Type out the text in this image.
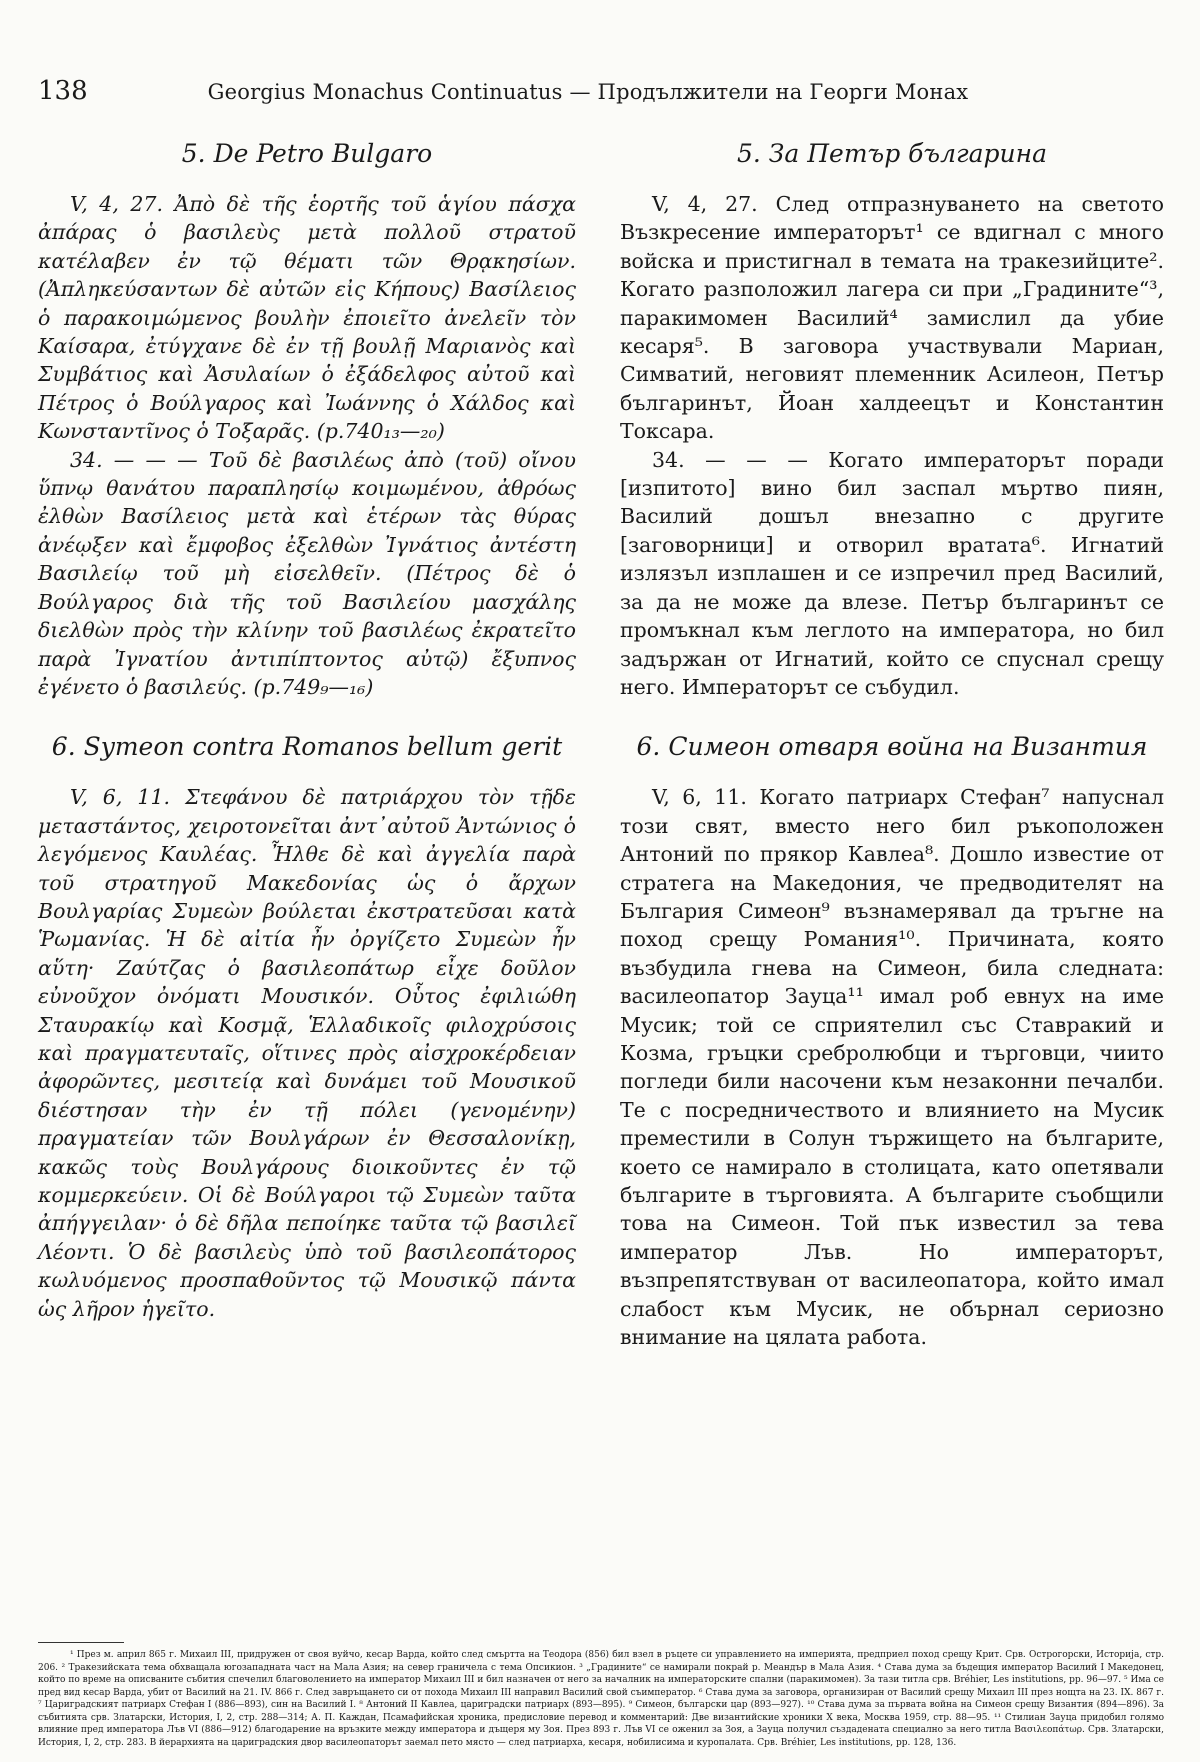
138	Georgius Monachus Continuatus — Продължители на Георги Монах
5. De Petro Bulgaro

V, 4, 27. Ἀπὸ δὲ τῆς ἑορτῆς τοῦ ἁγίου πάσχα ἀπάρας ὁ βασιλεὺς μετὰ πολλοῦ στρατοῦ κατέλαβεν ἐν τῷ θέματι τῶν Θρᾳκησίων. (Ἀπληκεύσαντων δὲ αὐτῶν εἰς Κήπους) Βασίλειος ὁ παρακοιμώμενος βουλὴν ἐποιεῖτο ἀνελεῖν τὸν Καίσαρα, ἐτύγχανε δὲ ἐν τῇ βουλῇ Μαριανὸς καὶ Συμβάτιος καὶ Ἀσυλαίων ὁ ἐξάδελφος αὐτοῦ καὶ Πέτρος ὁ Βούλγαρος καὶ Ἰωάννης ὁ Χάλδος καὶ Κωνσταντῖνος ὁ Τοξαρᾶς. (p.740₁₃—₂₀)

34. — — — Τοῦ δὲ βασιλέως ἀπὸ (τοῦ) οἴνου ὕπνῳ θανάτου παραπλησίῳ κοιμωμένου, ἀθρόως ἐλθὼν Βασίλειος μετὰ καὶ ἑτέρων τὰς θύρας ἀνέῳξεν καὶ ἔμφοβος ἐξελθὼν Ἰγνάτιος ἀντέστη Βασιλείῳ τοῦ μὴ εἰσελθεῖν. (Πέτρος δὲ ὁ Βούλγαρος διὰ τῆς τοῦ Βασιλείου μασχάλης διελθὼν πρὸς τὴν κλίνην τοῦ βασιλέως ἐκρατεῖτο παρὰ Ἰγνατίου ἀντιπίπτοντος αὐτῷ) ἔξυπνος ἐγένετο ὁ βασιλεύς. (p.749₉—₁₆)

6. Symeon contra Romanos bellum gerit

V, 6, 11. Στεφάνου δὲ πατριάρχου τὸν τῇδε μεταστάντος, χειροτονεῖται ἀντ᾽αὐτοῦ Ἀντώνιος ὁ λεγόμενος Καυλέας. Ἦλθε δὲ καὶ ἀγγελία παρὰ τοῦ στρατηγοῦ Μακεδονίας ὡς ὁ ἄρχων Βουλγαρίας Συμεὼν βούλεται ἐκστρατεῦσαι κατὰ Ῥωμανίας. Ἡ δὲ αἰτία ἦν ὀργίζετο Συμεὼν ἦν αὕτη· Ζαύτζας ὁ βασιλεοπάτωρ εἶχε δοῦλον εὐνοῦχον ὀνόματι Μουσικόν. Οὗτος ἐφιλιώθη Σταυρακίῳ καὶ Κοσμᾷ, Ἑλλαδικοῖς φιλοχρύσοις καὶ πραγματευταῖς, οἵτινες πρὸς αἰσχροκέρδειαν ἀφορῶντες, μεσιτείᾳ καὶ δυνάμει τοῦ Μουσικοῦ διέστησαν τὴν ἐν τῇ πόλει (γενομένην) πραγματείαν τῶν Βουλγάρων ἐν Θεσσαλονίκῃ, κακῶς τοὺς Βουλγάρους διοικοῦντες ἐν τῷ κομμερκεύειν. Οἱ δὲ Βούλγαροι τῷ Συμεὼν ταῦτα ἀπήγγειλαν· ὁ δὲ δῆλα πεποίηκε ταῦτα τῷ βασιλεῖ Λέοντι. Ὁ δὲ βασιλεὺς ὑπὸ τοῦ βασιλεοπάτορος κωλυόμενος προσπαθοῦντος τῷ Μουσικῷ πάντα ὡς λῆρον ἡγεῖτο.

5. За Петър българина

V, 4, 27. След отпразнуването на светото Възкресение императорът¹ се вдигнал с много войска и пристигнал в темата на тракезийците². Когато разположил лагера си при „Градините“³, паракимомен Василий⁴ замислил да убие кесаря⁵. В заговора участвували Мариан, Симватий, неговият племенник Асилеон, Петър българинът, Йоан халдеецът и Константин Токсара.

34. — — — Когато императорът поради [изпитото] вино бил заспал мъртво пиян, Василий дошъл внезапно с другите [заговорници] и отворил вратата⁶. Игнатий излязъл изплашен и се изпречил пред Василий, за да не може да влезе. Петър българинът се промъкнал към леглото на императора, но бил задържан от Игнатий, който се спуснал срещу него. Императорът се събудил.

6. Симеон отваря война на Византия

V, 6, 11. Когато патриарх Стефан⁷ напуснал този свят, вместо него бил ръкоположен Антоний по прякор Кавлеа⁸. Дошло известие от стратега на Македония, че предводителят на България Симеон⁹ възнамерявал да тръгне на поход срещу Романия¹⁰. Причината, която възбудила гнева на Симеон, била следната: василеопатор Зауца¹¹ имал роб евнух на име Мусик; той се сприятелил със Ставракий и Козма, гръцки сребролюбци и търговци, чиито погледи били насочени към незаконни печалби. Те с посредничеството и влиянието на Мусик преместили в Солун тържището на българите, което се намирало в столицата, като опетявали българите в търговията. А българите съобщили това на Симеон. Той пък известил за тева император Лъв. Но императорът, възпрепятствуван от василеопатора, който имал слабост към Мусик, не обърнал сериозно внимание на цялата работа.

¹ През м. април 865 г. Михаил III, придружен от своя вуйчо, кесар Варда, който след смъртта на Теодора (856) бил взел в ръцете си управлението на империята, предприел поход срещу Крит. Срв. Острогорски, Историја, стр. 206. ² Тракезийската тема обхващала югозападната част на Мала Азия; на север граничела с тема Опсикион. ³ „Градините“ се намирали покрай р. Меандър в Мала Азия. ⁴ Става дума за бъдещия император Василий I Македонец, който по време на описваните събития спечелил благоволението на император Михаил III и бил назначен от него за началник на императорските спални (паракимомен). За тази титла срв. Bréhier, Les institutions, pp. 96—97. ⁵ Има се пред вид кесар Варда, убит от Василий на 21. IV. 866 г. След завръщането си от похода Михаил III направил Василий свой съимператор. ⁶ Става дума за заговора, организиран от Василий срещу Михаил III през нощта на 23. IX. 867 г. ⁷ Цариградският патриарх Стефан I (886—893), син на Василий I. ⁸ Антоний II Кавлеа, цариградски патриарх (893—895). ⁹ Симеон, български цар (893—927). ¹⁰ Става дума за първата война на Симеон срещу Византия (894—896). За събитията срв. Златарски, История, I, 2, стр. 288—314; А. П. Каждан, Псамафийская хроника, предисловие перевод и комментарий: Две византийские хроники X века, Москва 1959, стр. 88—95. ¹¹ Стилиан Зауца придобил голямо влияние пред императора Лъв VI (886—912) благодарение на връзките между императора и дъщеря му Зоя. През 893 г. Лъв VI се оженил за Зоя, а Зауца получил създадената специално за него титла Βασιλεοπάτωρ. Срв. Златарски, История, I, 2, стр. 283. В йерархията на цариградския двор василеопаторът заемал пето място — след патриарха, кесаря, нобилисима и куропалата. Срв. Bréhier, Les institutions, pp. 128, 136.
